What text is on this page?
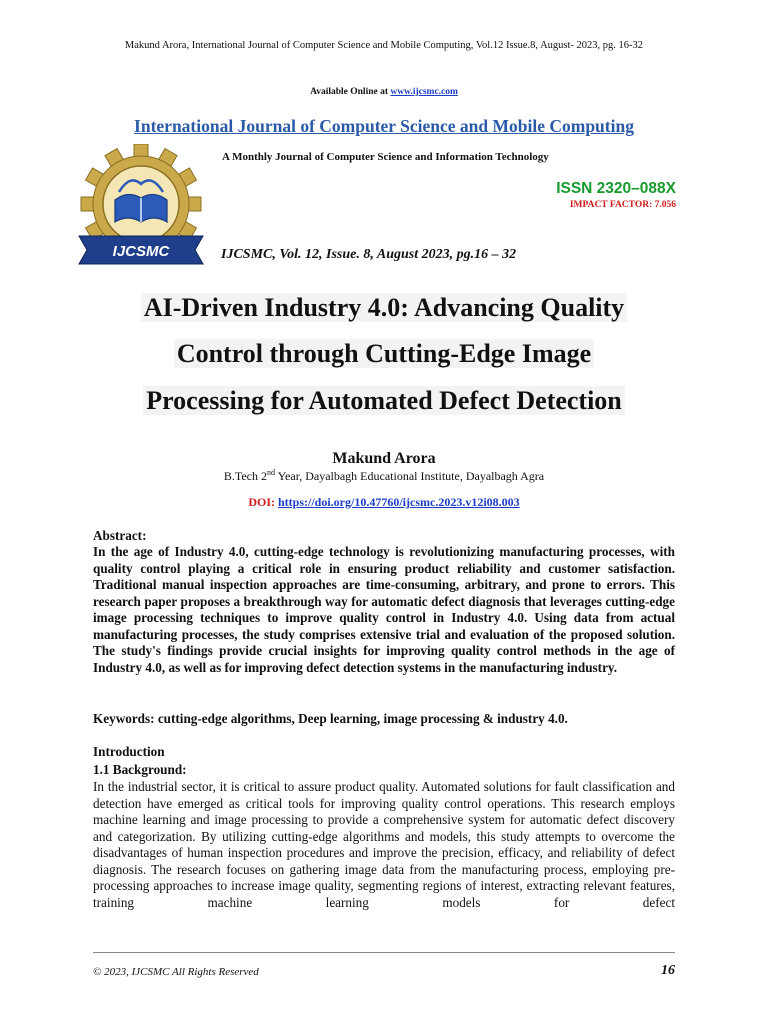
Makund Arora, International Journal of Computer Science and Mobile Computing, Vol.12 Issue.8, August- 2023, pg. 16-32
Available Online at www.ijcsmc.com
International Journal of Computer Science and Mobile Computing
IJCSMC
A Monthly Journal of Computer Science and Information Technology
ISSN 2320–088X
IMPACT FACTOR: 7.056
IJCSMC, Vol. 12, Issue. 8, August 2023, pg.16 – 32
AI-Driven Industry 4.0: Advancing Quality
Control through Cutting-Edge Image
Processing for Automated Defect Detection
Makund Arora
B.Tech 2nd Year, Dayalbagh Educational Institute, Dayalbagh Agra
DOI: https://doi.org/10.47760/ijcsmc.2023.v12i08.003
Abstract:
In the age of Industry 4.0, cutting-edge technology is revolutionizing manufacturing processes, with quality control playing a critical role in ensuring product reliability and customer satisfaction. Traditional manual inspection approaches are time-consuming, arbitrary, and prone to errors. This research paper proposes a breakthrough way for automatic defect diagnosis that leverages cutting-edge image processing techniques to improve quality control in Industry 4.0. Using data from actual manufacturing processes, the study comprises extensive trial and evaluation of the proposed solution. The study's findings provide crucial insights for improving quality control methods in the age of Industry 4.0, as well as for improving defect detection systems in the manufacturing industry.
Keywords: cutting-edge algorithms, Deep learning, image processing & industry 4.0.
Introduction
1.1 Background:
In the industrial sector, it is critical to assure product quality. Automated solutions for fault classification and detection have emerged as critical tools for improving quality control operations. This research employs machine learning and image processing to provide a comprehensive system for automatic defect discovery and categorization. By utilizing cutting-edge algorithms and models, this study attempts to overcome the disadvantages of human inspection procedures and improve the precision, efficacy, and reliability of defect diagnosis. The research focuses on gathering image data from the manufacturing process, employing pre-processing approaches to increase image quality, segmenting regions of interest, extracting relevant features, training machine learning models for defect
© 2023, IJCSMC All Rights Reserved	16
